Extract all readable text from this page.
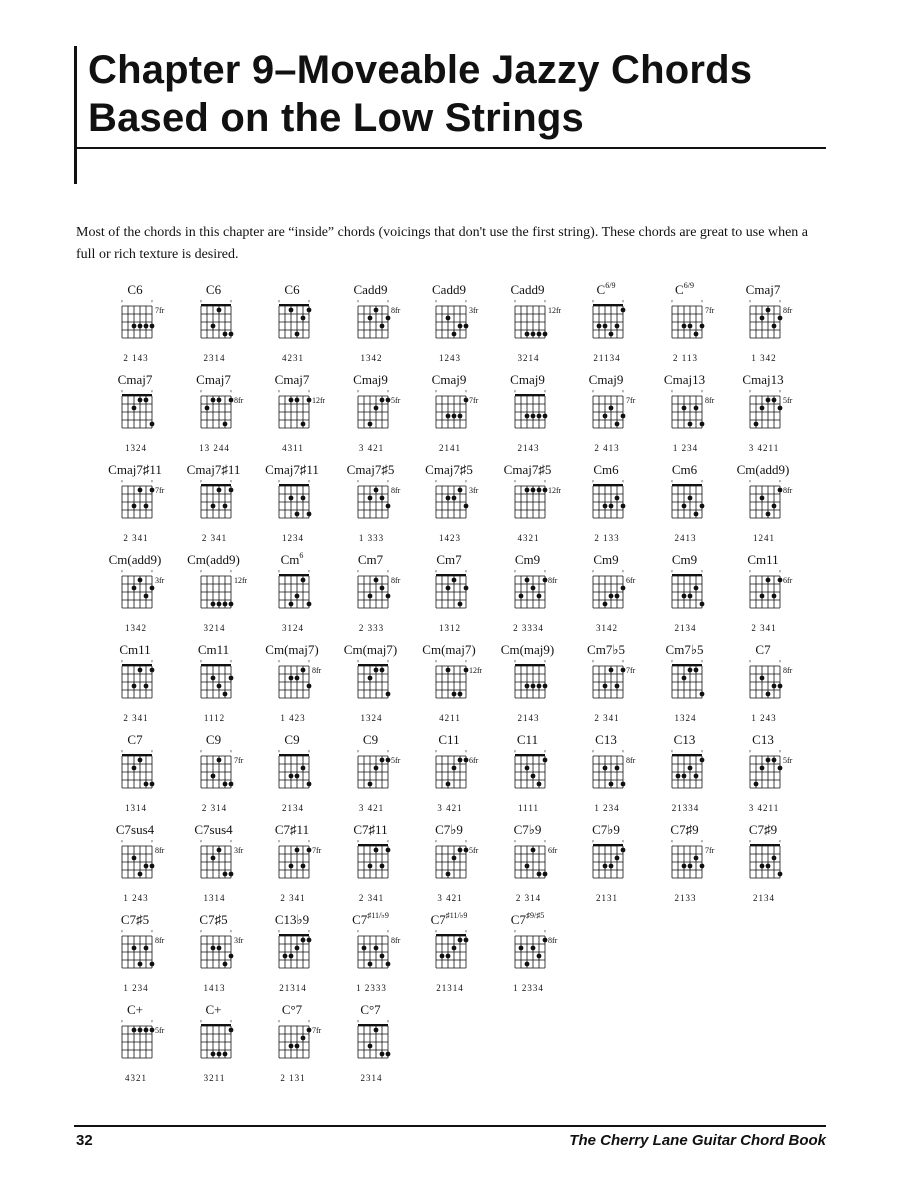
Chapter 9–Moveable Jazzy Chords
Based on the Low Strings

Most of the chords in this chapter are “inside” chords (voicings that don't use the first string). These chords are great to use when a full or rich texture is desired.

C6
×	×
7fr
2 143
C6
×	×
2314
C6
×	×
4231
Cadd9
×	×
8fr
1342
Cadd9
×	×
3fr
1243
Cadd9
×	×
12fr
3214
$C^{6/9}$
×	×
21134
$C^{6/9}$
×	×
7fr
2 113
Cmaj7
×	×
8fr
1 342
Cmaj7
×	×
1324
Cmaj7
×	×
8fr
13 244
Cmaj7
×	×
12fr
4311
Cmaj9
×	×
5fr
3 421
Cmaj9
×	×
7fr
2141
Cmaj9
×	×
2143
Cmaj9
×	×
7fr
2 413
Cmaj13
×	×
8fr
1 234
Cmaj13
×	×
5fr
3 4211
Cmaj7♯11
×	×
7fr
2 341
Cmaj7♯11
×	×
2 341
Cmaj7♯11
×	×
1234
Cmaj7♯5
×	×
8fr
1 333
Cmaj7♯5
×	×
3fr
1423
Cmaj7♯5
×	×
12fr
4321
Cm6
×	×
2 133
Cm6
×	×
2413
Cm(add9)
×	×
8fr
1241
Cm(add9)
×	×
3fr
1342
Cm(add9)
×	×
12fr
3214
$Cm^6$
×	×
3124
Cm7
×	×
8fr
2 333
Cm7
×	×
1312
Cm9
×	×
8fr
2 3334
Cm9
×	×
6fr
3142
Cm9
×	×
2134
Cm11
×	×
6fr
2 341
Cm11
×	×
2 341
Cm11
×	×
1112
Cm(maj7)
×	×
8fr
1 423
Cm(maj7)
×	×
1324
Cm(maj7)
×	×
12fr
4211
Cm(maj9)
×	×
2143
Cm7♭5
×	×
7fr
2 341
Cm7♭5
×	×
1324
C7
×	×
8fr
1 243
C7
×	×
1314
C9
×	×
7fr
2 314
C9
×	×
2134
C9
×	×
5fr
3 421
C11
×	×
6fr
3 421
C11
×	×
1111
C13
×	×
8fr
1 234
C13
×	×
21334
C13
×	×
5fr
3 4211
C7sus4
×	×
8fr
1 243
C7sus4
×	×
3fr
1314
C7♯11
×	×
7fr
2 341
C7♯11
×	×
2 341
C7♭9
×	×
5fr
3 421
C7♭9
×	×
6fr
2 314
C7♭9
×	×
2131
C7♯9
×	×
7fr
2133
C7♯9
×	×
2134
C7♯5
×	×
8fr
1 234
C7♯5
×	×
3fr
1413
C13♭9
×	×
21314
$C7^{♯11/♭9}$
×	×
8fr
1 2333
$C7^{♯11/♭9}$
×	×
21314
$C7^{♯9/♯5}$
×	×
8fr
1 2334
C+
×	×
5fr
4321
C+
×	×
3211
C°7
×	×
7fr
2 131
C°7
×	×
2314
32	The Cherry Lane Guitar Chord Book
